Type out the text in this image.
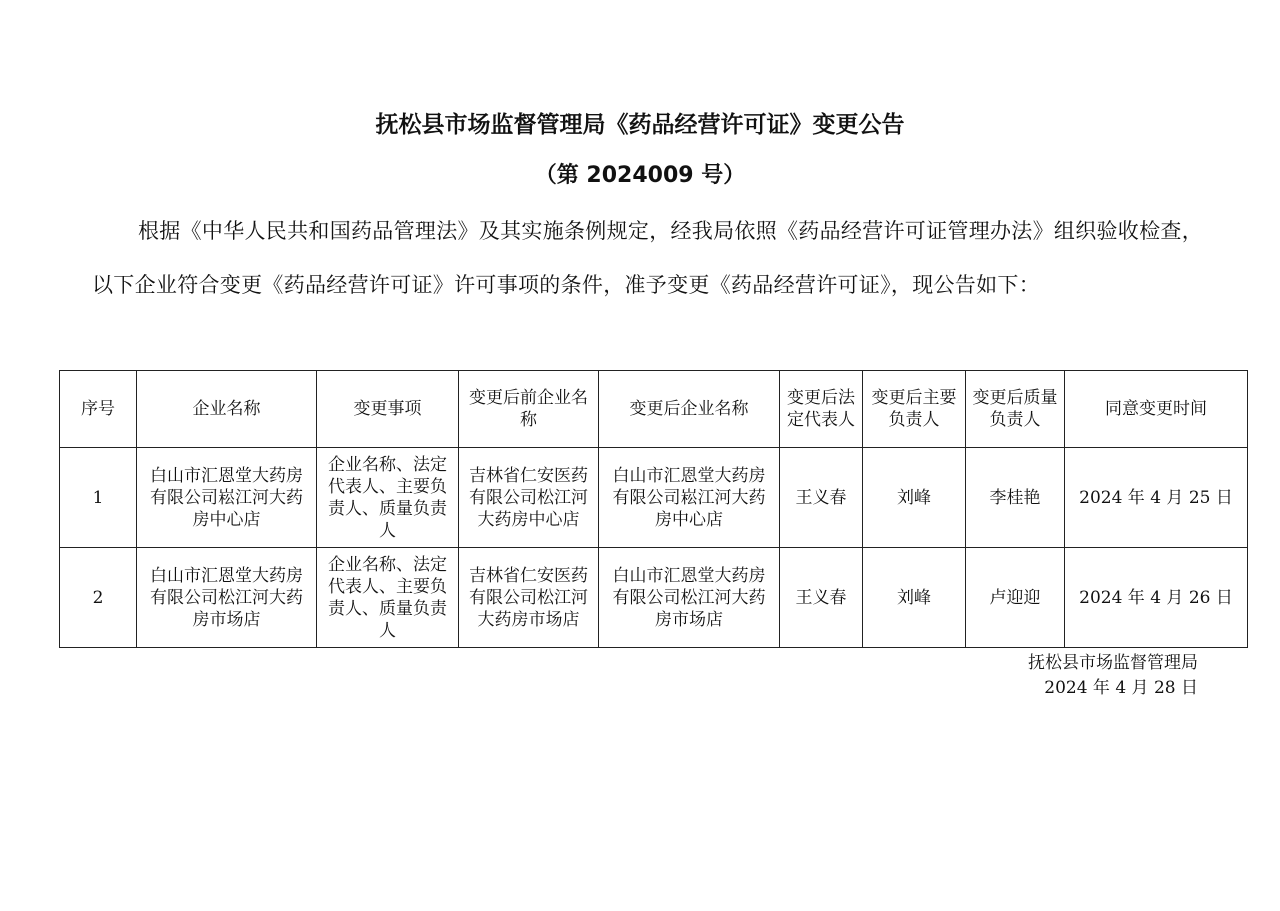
抚松县市场监督管理局《药品经营许可证》变更公告
（第 2024009 号）
根据《中华人民共和国药品管理法》及其实施条例规定，经我局依照《药品经营许可证管理办法》组织验收检查，以下企业符合变更《药品经营许可证》许可事项的条件，准予变更《药品经营许可证》，现公告如下：
序号	企业名称	变更事项	变更后前企业名称	变更后企业名称	变更后法定代表人	变更后主要负责人	变更后质量负责人	同意变更时间
1	白山市汇恩堂大药房有限公司崧江河大药房中心店	企业名称、法定代表人、主要负责人、质量负责人	吉林省仁安医药有限公司松江河大药房中心店	白山市汇恩堂大药房有限公司崧江河大药房中心店	王义春	刘峰	李桂艳	2024 年 4 月 25 日
2	白山市汇恩堂大药房有限公司松江河大药房市场店	企业名称、法定代表人、主要负责人、质量负责人	吉林省仁安医药有限公司松江河大药房市场店	白山市汇恩堂大药房有限公司松江河大药房市场店	王义春	刘峰	卢迎迎	2024 年 4 月 26 日
抚松县市场监督管理局
2024 年 4 月 28 日
